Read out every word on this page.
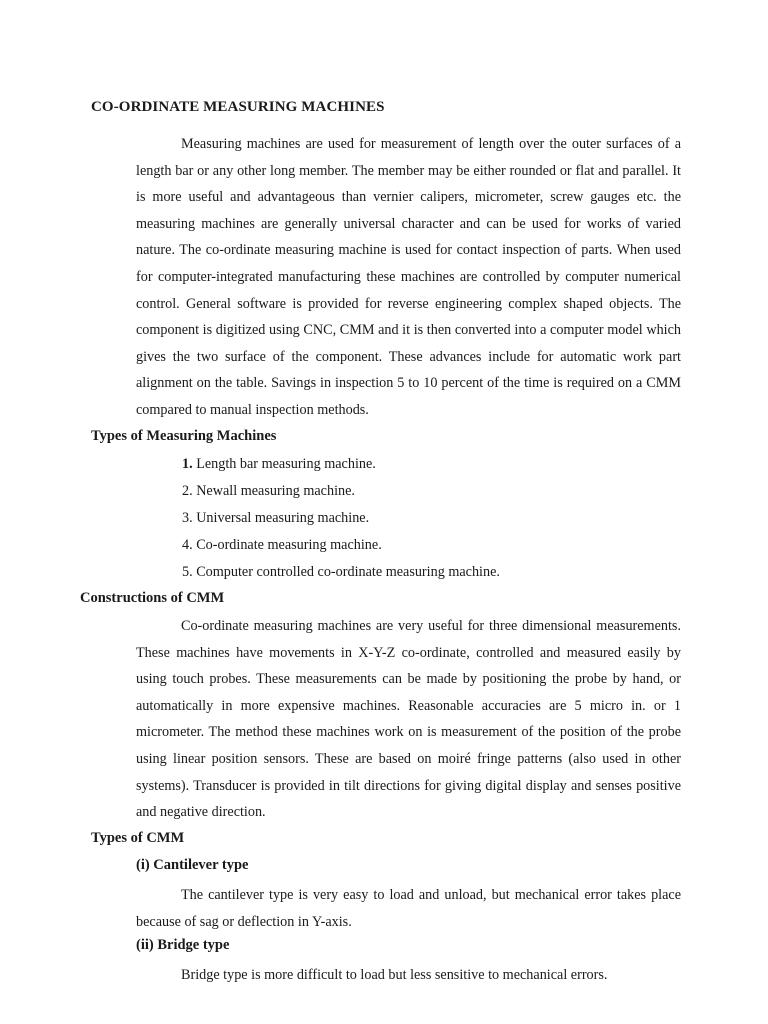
CO-ORDINATE MEASURING MACHINES

Measuring machines are used for measurement of length over the outer surfaces of a length bar or any other long member. The member may be either rounded or flat and parallel. It is more useful and advantageous than vernier calipers, micrometer, screw gauges etc. the measuring machines are generally universal character and can be used for works of varied nature. The co-ordinate measuring machine is used for contact inspection of parts. When used for computer-integrated manufacturing these machines are controlled by computer numerical control. General software is provided for reverse engineering complex shaped objects. The component is digitized using CNC, CMM and it is then converted into a computer model which gives the two surface of the component. These advances include for automatic work part alignment on the table. Savings in inspection 5 to 10 percent of the time is required on a CMM compared to manual inspection methods.

Types of Measuring Machines
1. Length bar measuring machine.
2. Newall measuring machine.
3. Universal measuring machine.
4. Co-ordinate measuring machine.
5. Computer controlled co-ordinate measuring machine.
Constructions of CMM

Co-ordinate measuring machines are very useful for three dimensional measurements. These machines have movements in X-Y-Z co-ordinate, controlled and measured easily by using touch probes. These measurements can be made by positioning the probe by hand, or automatically in more expensive machines. Reasonable accuracies are 5 micro in. or 1 micrometer. The method these machines work on is measurement of the position of the probe using linear position sensors. These are based on moiré fringe patterns (also used in other systems). Transducer is provided in tilt directions for giving digital display and senses positive and negative direction.

Types of CMM
(i) Cantilever type

The cantilever type is very easy to load and unload, but mechanical error takes place because of sag or deflection in Y-axis.

(ii) Bridge type

Bridge type is more difficult to load but less sensitive to mechanical errors.
